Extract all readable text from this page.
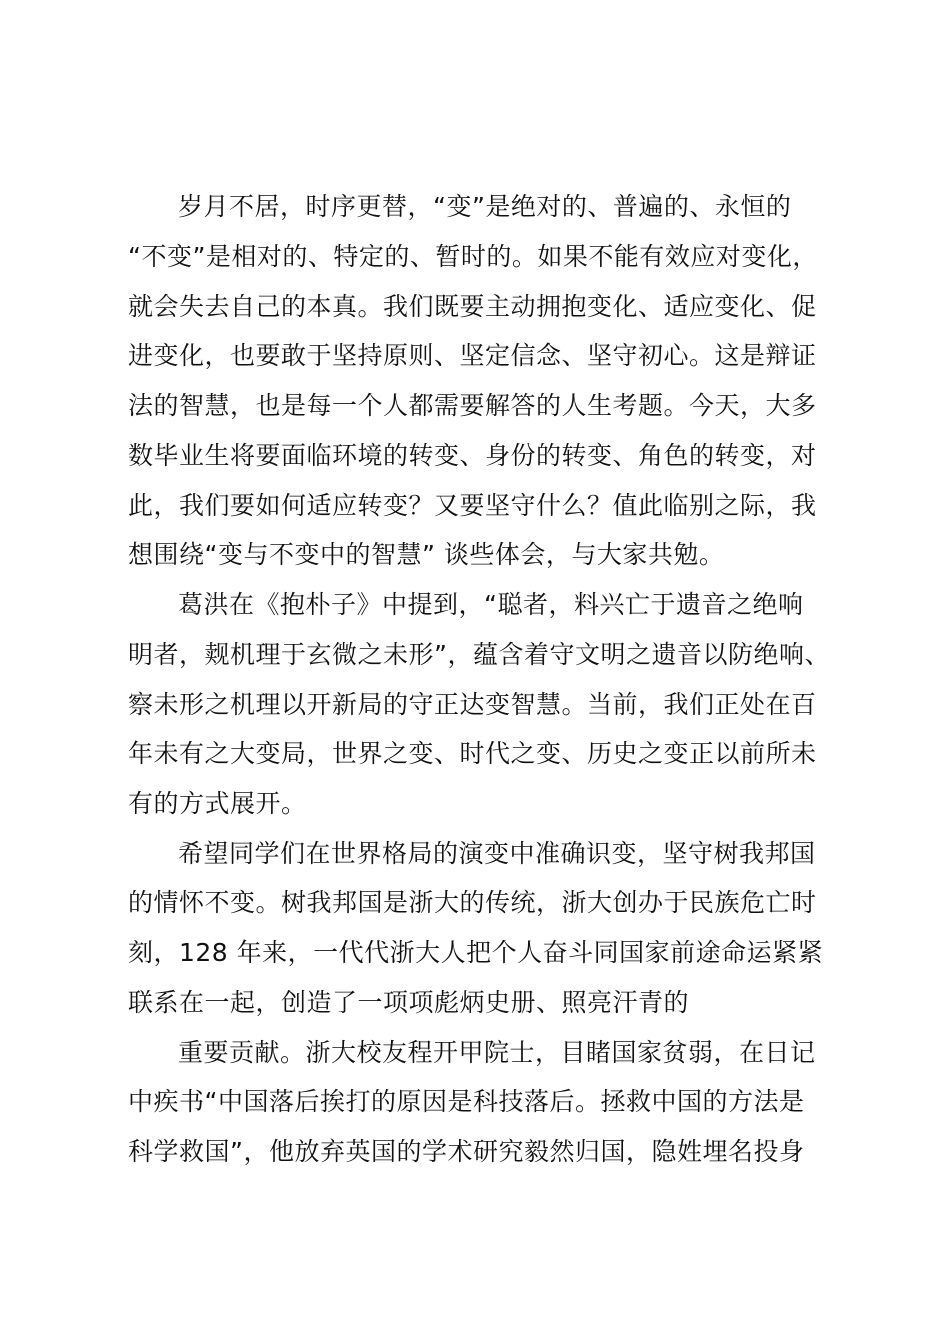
岁月不居，时序更替，“变”是绝对的、普遍的、永恒的
“不变”是相对的、特定的、暂时的。如果不能有效应对变化，
就会失去自己的本真。我们既要主动拥抱变化、适应变化、促
进变化，也要敢于坚持原则、坚定信念、坚守初心。这是辩证
法的智慧，也是每一个人都需要解答的人生考题。今天，大多
数毕业生将要面临环境的转变、身份的转变、角色的转变，对
此，我们要如何适应转变？又要坚守什么？值此临别之际，我
想围绕“变与不变中的智慧” 谈些体会，与大家共勉。
葛洪在《抱朴子》中提到，“聪者，料兴亡于遗音之绝响
明者，觌机理于玄微之未形”，蕴含着守文明之遗音以防绝响、
察未形之机理以开新局的守正达变智慧。当前，我们正处在百
年未有之大变局，世界之变、时代之变、历史之变正以前所未
有的方式展开。
希望同学们在世界格局的演变中准确识变，坚守树我邦国
的情怀不变。树我邦国是浙大的传统，浙大创办于民族危亡时
刻，128 年来，一代代浙大人把个人奋斗同国家前途命运紧紧
联系在一起，创造了一项项彪炳史册、照亮汗青的
重要贡献。浙大校友程开甲院士，目睹国家贫弱，在日记
中疾书“中国落后挨打的原因是科技落后。拯救中国的方法是
科学救国”，他放弃英国的学术研究毅然归国，隐姓埋名投身
